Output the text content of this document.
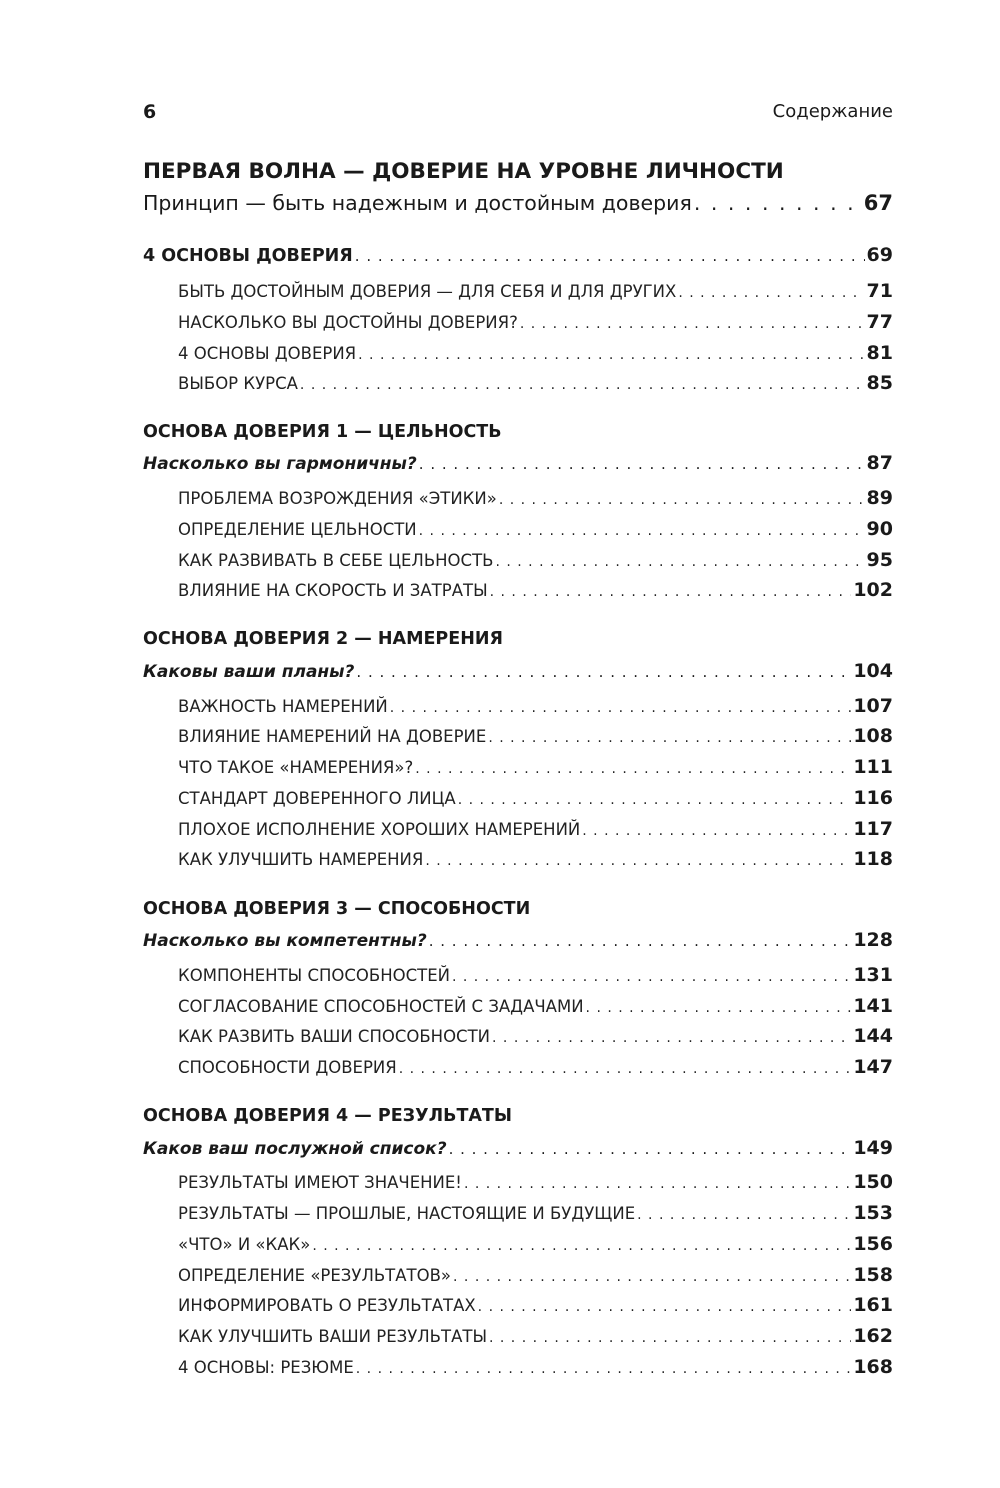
6	Содержание
ПЕРВАЯ ВОЛНА — ДОВЕРИЕ НА УРОВНЕ ЛИЧНОСТИ
Принцип — быть надежным и достойным доверия . . .	67
4 ОСНОВЫ ДОВЕРИЯ . . .	69
БЫТЬ ДОСТОЙНЫМ ДОВЕРИЯ — ДЛЯ СЕБЯ И ДЛЯ ДРУГИХ . . .	71
НАСКОЛЬКО ВЫ ДОСТОЙНЫ ДОВЕРИЯ? . . .	77
4 ОСНОВЫ ДОВЕРИЯ . . .	81
ВЫБОР КУРСА . . .	85
ОСНОВА ДОВЕРИЯ 1 — ЦЕЛЬНОСТЬ
Насколько вы гармоничны? . . .	87
ПРОБЛЕМА ВОЗРОЖДЕНИЯ «ЭТИКИ» . . .	89
ОПРЕДЕЛЕНИЕ ЦЕЛЬНОСТИ . . .	90
КАК РАЗВИВАТЬ В СЕБЕ ЦЕЛЬНОСТЬ . . .	95
ВЛИЯНИЕ НА СКОРОСТЬ И ЗАТРАТЫ . . .	102
ОСНОВА ДОВЕРИЯ 2 — НАМЕРЕНИЯ
Каковы ваши планы? . . .	104
ВАЖНОСТЬ НАМЕРЕНИЙ . . .	107
ВЛИЯНИЕ НАМЕРЕНИЙ НА ДОВЕРИЕ . . .	108
ЧТО ТАКОЕ «НАМЕРЕНИЯ»? . . .	111
СТАНДАРТ ДОВЕРЕННОГО ЛИЦА . . .	116
ПЛОХОЕ ИСПОЛНЕНИЕ ХОРОШИХ НАМЕРЕНИЙ . . .	117
КАК УЛУЧШИТЬ НАМЕРЕНИЯ . . .	118
ОСНОВА ДОВЕРИЯ 3 — СПОСОБНОСТИ
Насколько вы компетентны? . . .	128
КОМПОНЕНТЫ СПОСОБНОСТЕЙ . . .	131
СОГЛАСОВАНИЕ СПОСОБНОСТЕЙ С ЗАДАЧАМИ . . .	141
КАК РАЗВИТЬ ВАШИ СПОСОБНОСТИ . . .	144
СПОСОБНОСТИ ДОВЕРИЯ . . .	147
ОСНОВА ДОВЕРИЯ 4 — РЕЗУЛЬТАТЫ
Каков ваш послужной список? . . .	149
РЕЗУЛЬТАТЫ ИМЕЮТ ЗНАЧЕНИЕ! . . .	150
РЕЗУЛЬТАТЫ — ПРОШЛЫЕ, НАСТОЯЩИЕ И БУДУЩИЕ . . .	153
«ЧТО» И «КАК» . . .	156
ОПРЕДЕЛЕНИЕ «РЕЗУЛЬТАТОВ» . . .	158
ИНФОРМИРОВАТЬ О РЕЗУЛЬТАТАХ . . .	161
КАК УЛУЧШИТЬ ВАШИ РЕЗУЛЬТАТЫ . . .	162
4 ОСНОВЫ: РЕЗЮМЕ . . .	168
